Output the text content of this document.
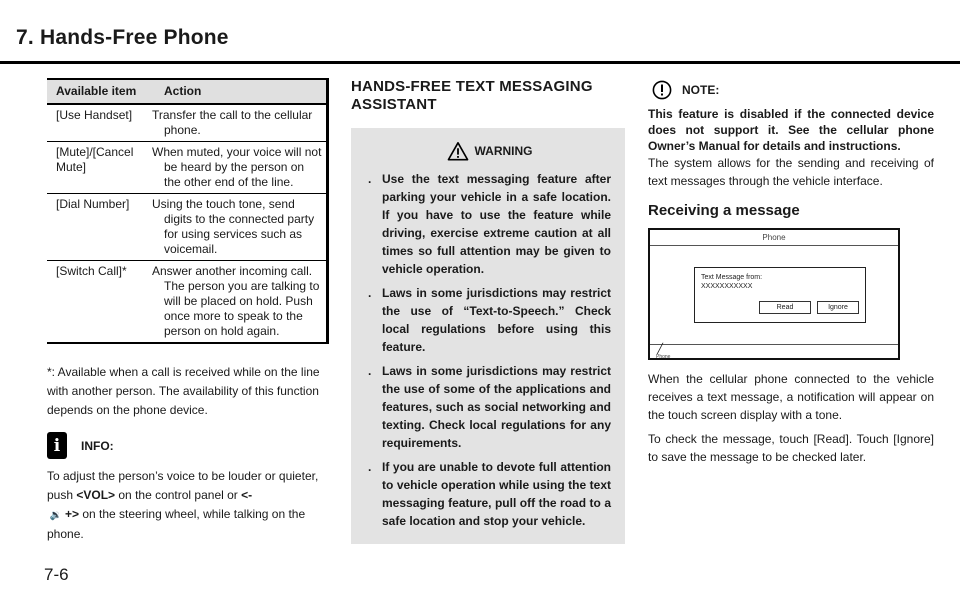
7. Hands-Free Phone
Available item	Action
[Use Handset]	Transfer the call to the cellular phone.
[Mute]/[Cancel Mute]	When muted, your voice will not be heard by the person on the other end of the line.
[Dial Number]	Using the touch tone, send digits to the connected party for using services such as voicemail.
[Switch Call]*	Answer another incoming call. The person you are talking to will be placed on hold. Push once more to speak to the person on hold again.

*: Available when a call is received while on the line with another person. The availability of this function depends on the phone device.

i	INFO:

To adjust the person’s voice to be louder or quieter, push <VOL> on the control panel or <-
🔉 +> on the steering wheel, while talking on the phone.

HANDS-FREE TEXT MESSAGING ASSISTANT
WARNING
. Use the text messaging feature after parking your vehicle in a safe location. If you have to use the feature while driving, exercise extreme caution at all times so full attention may be given to vehicle operation.
. Laws in some jurisdictions may restrict the use of “Text-to-Speech.” Check local regulations before using this feature.
. Laws in some jurisdictions may restrict the use of some of the applications and features, such as social networking and texting. Check local regulations for any requirements.
. If you are unable to devote full attention to vehicle operation while using the text messaging feature, pull off the road to a safe location and stop your vehicle.
NOTE:

This feature is disabled if the connected device does not support it. See the cellular phone Owner’s Manual for details and instructions.

The system allows for the sending and receiving of text messages through the vehicle interface.

Receiving a message
Phone
Text Message from:
XXXXXXXXXXX
Read	Ignore
╱
Phone

When the cellular phone connected to the vehicle receives a text message, a notification will appear on the touch screen display with a tone.

To check the message, touch [Read]. Touch [Ignore] to save the message to be checked later.

7-6
